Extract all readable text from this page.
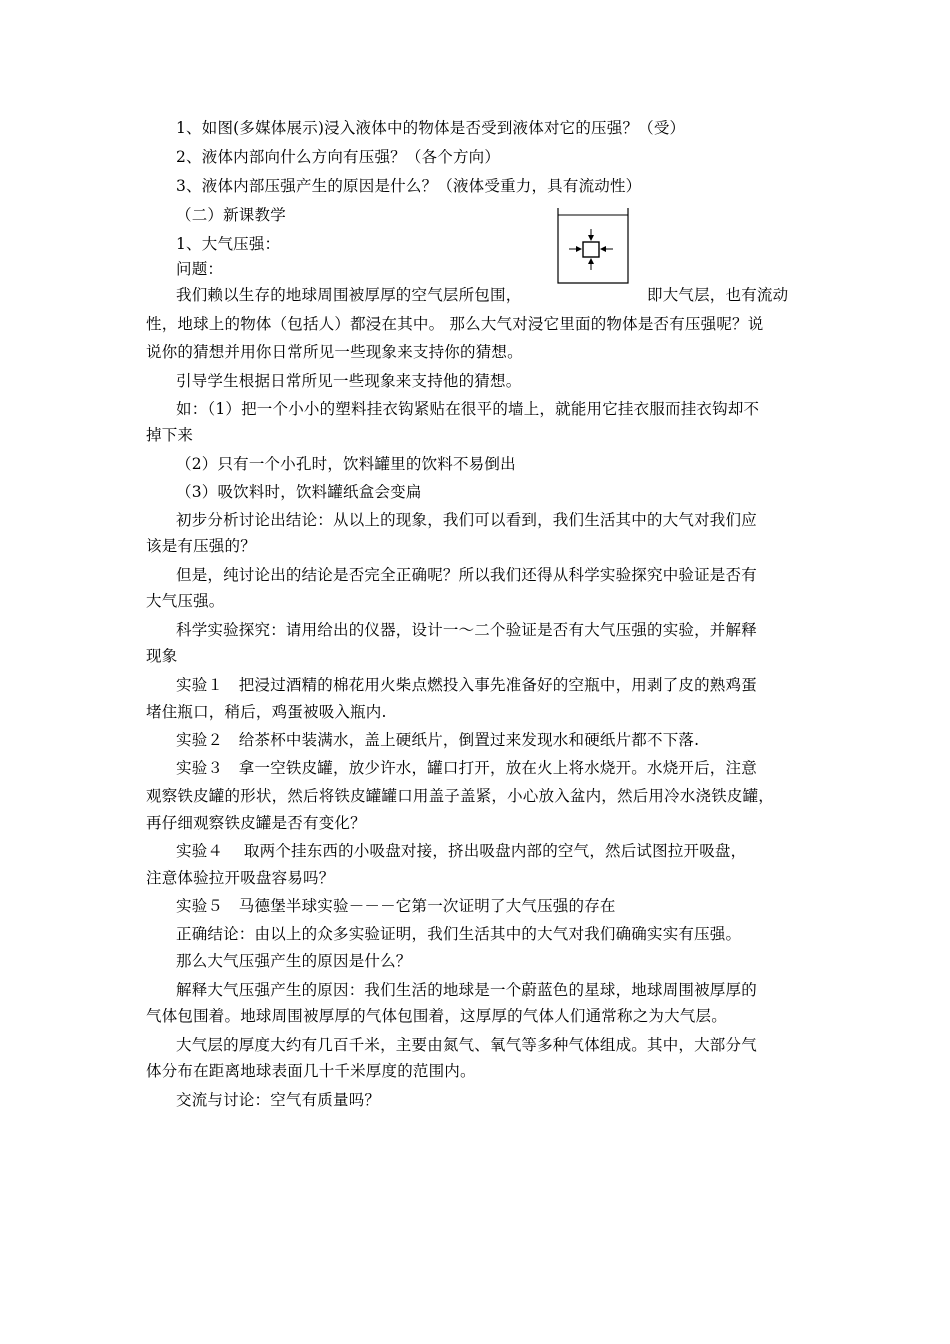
1、如图(多媒体展示)浸入液体中的物体是否受到液体对它的压强？（受）
2、液体内部向什么方向有压强？（各个方向）
3、液体内部压强产生的原因是什么？（液体受重力，具有流动性）
（二）新课教学
1、大气压强：
问题：
我们赖以生存的地球周围被厚厚的空气层所包围，	即大气层，也有流动
性，地球上的物体（包括人）都浸在其中。 那么大气对浸它里面的物体是否有压强呢？说
说你的猜想并用你日常所见一些现象来支持你的猜想。
引导学生根据日常所见一些现象来支持他的猜想。
如：（1）把一个小小的塑料挂衣钩紧贴在很平的墙上，就能用它挂衣服而挂衣钩却不
掉下来
（2）只有一个小孔时，饮料罐里的饮料不易倒出
（3）吸饮料时，饮料罐纸盒会变扁
初步分析讨论出结论：从以上的现象，我们可以看到，我们生活其中的大气对我们应
该是有压强的？
但是，纯讨论出的结论是否完全正确呢？所以我们还得从科学实验探究中验证是否有
大气压强。
科学实验探究：请用给出的仪器，设计一～二个验证是否有大气压强的实验，并解释
现象
实验１　把浸过酒精的棉花用火柴点燃投入事先准备好的空瓶中，用剥了皮的熟鸡蛋
堵住瓶口，稍后，鸡蛋被吸入瓶内.
实验２　给茶杯中装满水，盖上硬纸片，倒置过来发现水和硬纸片都不下落.
实验３　拿一空铁皮罐，放少许水，罐口打开，放在火上将水烧开。水烧开后，注意
观察铁皮罐的形状，然后将铁皮罐罐口用盖子盖紧，小心放入盆内，然后用冷水浇铁皮罐，
再仔细观察铁皮罐是否有变化？
实验４　 取两个挂东西的小吸盘对接，挤出吸盘内部的空气，然后试图拉开吸盘，
注意体验拉开吸盘容易吗？
实验５　马德堡半球实验－－－它第一次证明了大气压强的存在
正确结论：由以上的众多实验证明，我们生活其中的大气对我们确确实实有压强。
那么大气压强产生的原因是什么？
解释大气压强产生的原因：我们生活的地球是一个蔚蓝色的星球，地球周围被厚厚的
气体包围着。地球周围被厚厚的气体包围着，这厚厚的气体人们通常称之为大气层。
大气层的厚度大约有几百千米，主要由氮气、氧气等多种气体组成。其中，大部分气
体分布在距离地球表面几十千米厚度的范围内。
交流与讨论：空气有质量吗？
